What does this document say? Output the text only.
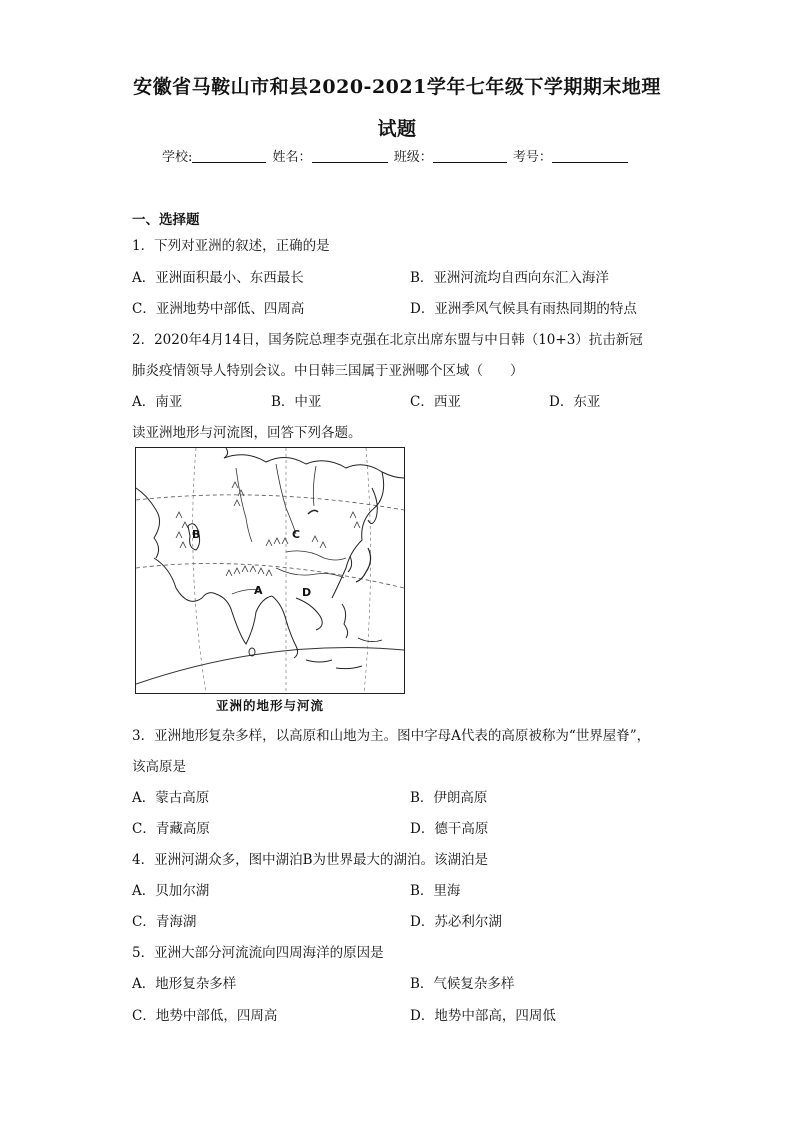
安徽省马鞍山市和县2020-2021学年七年级下学期期末地理
试题
学校:	姓名：	班级：	考号：
一、选择题
1．下列对亚洲的叙述，正确的是
A．亚洲面积最小、东西最长	B．亚洲河流均自西向东汇入海洋
C．亚洲地势中部低、四周高	D．亚洲季风气候具有雨热同期的特点
2．2020年4月14日，国务院总理李克强在北京出席东盟与中日韩（10+3）抗击新冠
肺炎疫情领导人特别会议。中日韩三国属于亚洲哪个区域（　　）
A．南亚	B．中亚	C．西亚	D．东亚
读亚洲地形与河流图，回答下列各题。
B	C
A	D
亚洲的地形与河流
3．亚洲地形复杂多样，以高原和山地为主。图中字母A代表的高原被称为“世界屋脊”，
该高原是
A．蒙古高原	B．伊朗高原
C．青藏高原	D．德干高原
4．亚洲河湖众多，图中湖泊B为世界最大的湖泊。该湖泊是
A．贝加尔湖	B．里海
C．青海湖	D．苏必利尔湖
5．亚洲大部分河流流向四周海洋的原因是
A．地形复杂多样	B．气候复杂多样
C．地势中部低，四周高	D．地势中部高，四周低
